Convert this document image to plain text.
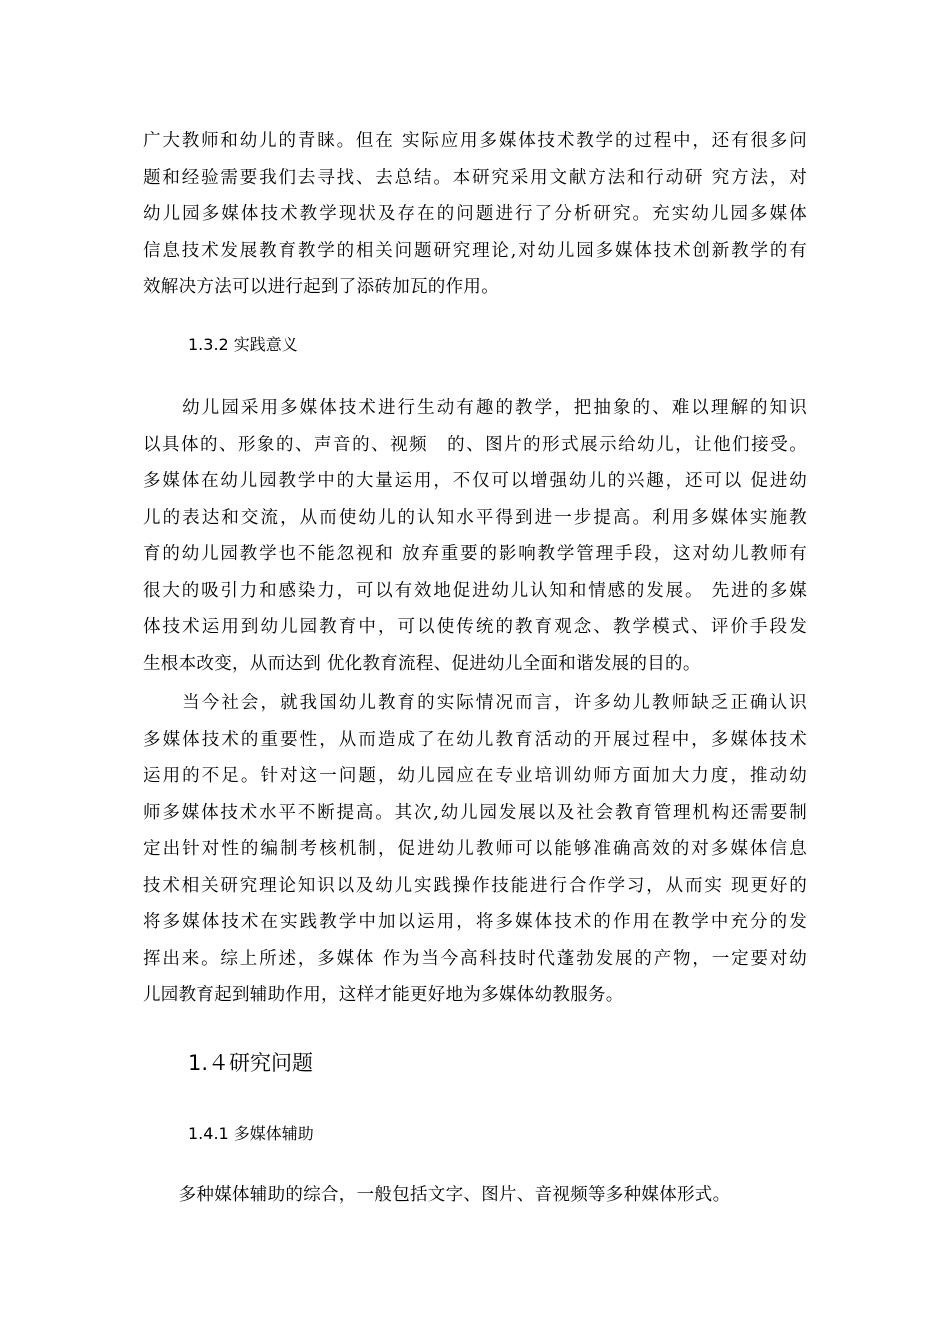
广大教师和幼儿的青睐。但在 实际应用多媒体技术教学的过程中，还有很多问
题和经验需要我们去寻找、去总结。本研究采用文献方法和行动研 究方法，对
幼儿园多媒体技术教学现状及存在的问题进行了分析研究。充实幼儿园多媒体
信息技术发展教育教学的相关问题研究理论,对幼儿园多媒体技术创新教学的有
效解决方法可以进行起到了添砖加瓦的作用。

1.3.2 实践意义

　　幼儿园采用多媒体技术进行生动有趣的教学，把抽象的、难以理解的知识
以具体的、形象的、声音的、视频　的、图片的形式展示给幼儿，让他们接受。
多媒体在幼儿园教学中的大量运用，不仅可以增强幼儿的兴趣，还可以 促进幼
儿的表达和交流，从而使幼儿的认知水平得到进一步提高。利用多媒体实施教
育的幼儿园教学也不能忽视和 放弃重要的影响教学管理手段，这对幼儿教师有
很大的吸引力和感染力，可以有效地促进幼儿认知和情感的发展。 先进的多媒
体技术运用到幼儿园教育中，可以使传统的教育观念、教学模式、评价手段发
生根本改变，从而达到 优化教育流程、促进幼儿全面和谐发展的目的。

　　当今社会，就我国幼儿教育的实际情况而言，许多幼儿教师缺乏正确认识
多媒体技术的重要性，从而造成了在幼儿教育活动的开展过程中，多媒体技术
运用的不足。针对这一问题，幼儿园应在专业培训幼师方面加大力度，推动幼
师多媒体技术水平不断提高。其次,幼儿园发展以及社会教育管理机构还需要制
定出针对性的编制考核机制，促进幼儿教师可以能够准确高效的对多媒体信息
技术相关研究理论知识以及幼儿实践操作技能进行合作学习，从而实 现更好的
将多媒体技术在实践教学中加以运用，将多媒体技术的作用在教学中充分的发
挥出来。综上所述，多媒体 作为当今高科技时代蓬勃发展的产物，一定要对幼
儿园教育起到辅助作用，这样才能更好地为多媒体幼教服务。

1.４研究问题
1.4.1 多媒体辅助

　　多种媒体辅助的综合，一般包括文字、图片、音视频等多种媒体形式。
